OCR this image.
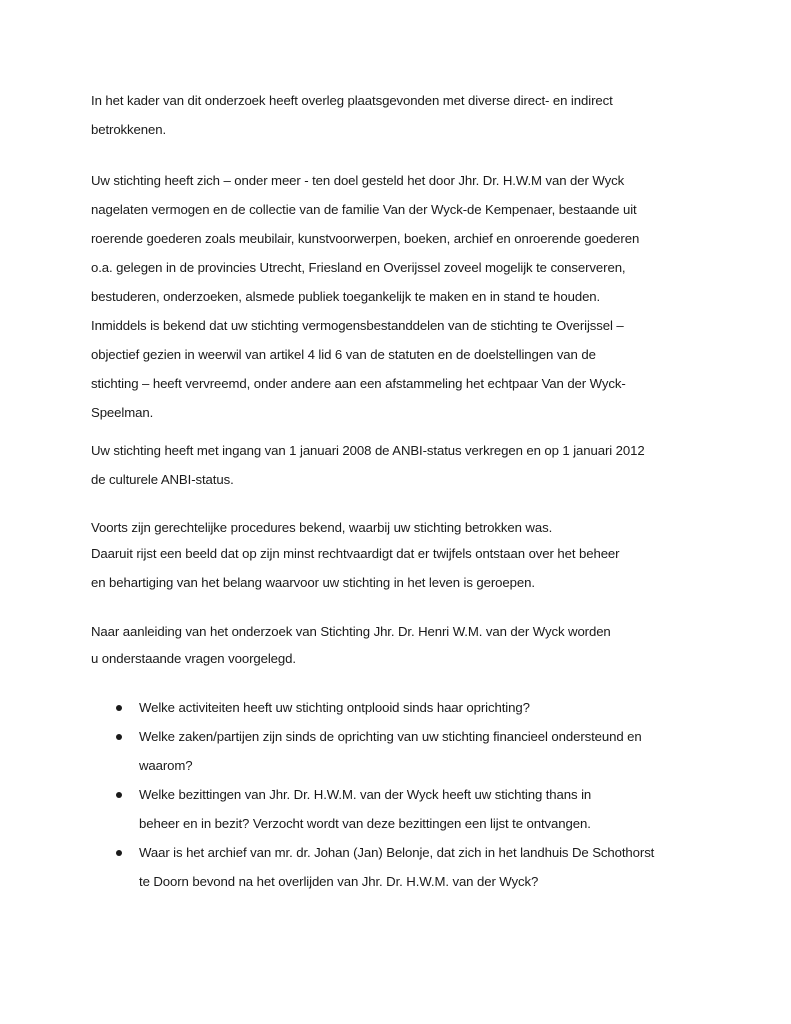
In het kader van dit onderzoek heeft overleg plaatsgevonden met diverse direct- en indirect
betrokkenen.
Uw stichting heeft zich – onder meer - ten doel gesteld het door Jhr. Dr. H.W.M van der Wyck
nagelaten vermogen en de collectie van de familie Van der Wyck-de Kempenaer, bestaande uit
roerende goederen zoals meubilair, kunstvoorwerpen, boeken, archief en onroerende goederen
o.a. gelegen in de provincies Utrecht, Friesland en Overijssel zoveel mogelijk te conserveren,
bestuderen, onderzoeken, alsmede publiek toegankelijk te maken en in stand te houden.
Inmiddels is bekend dat uw stichting vermogensbestanddelen van de stichting te Overijssel –
objectief gezien in weerwil van artikel 4 lid 6 van de statuten en de doelstellingen van de
stichting – heeft vervreemd, onder andere aan een afstammeling het echtpaar Van der Wyck-
Speelman.
Uw stichting heeft met ingang van 1 januari 2008 de ANBI-status verkregen en op 1 januari 2012
de culturele ANBI-status.
Voorts zijn gerechtelijke procedures bekend, waarbij uw stichting betrokken was.
Daaruit rijst een beeld dat op zijn minst rechtvaardigt dat er twijfels ontstaan over het beheer
en behartiging van het belang waarvoor uw stichting in het leven is geroepen.
Naar aanleiding van het onderzoek van Stichting Jhr. Dr. Henri W.M. van der Wyck worden
u onderstaande vragen voorgelegd.
Welke activiteiten heeft uw stichting ontplooid sinds haar oprichting?
Welke zaken/partijen zijn sinds de oprichting van uw stichting financieel ondersteund en
waarom?
Welke bezittingen van Jhr. Dr. H.W.M. van der Wyck heeft uw stichting thans in
beheer en in bezit? Verzocht wordt van deze bezittingen een lijst te ontvangen.
Waar is het archief van mr. dr. Johan (Jan) Belonje, dat zich in het landhuis De Schothorst
te Doorn bevond na het overlijden van Jhr. Dr. H.W.M. van der Wyck?
